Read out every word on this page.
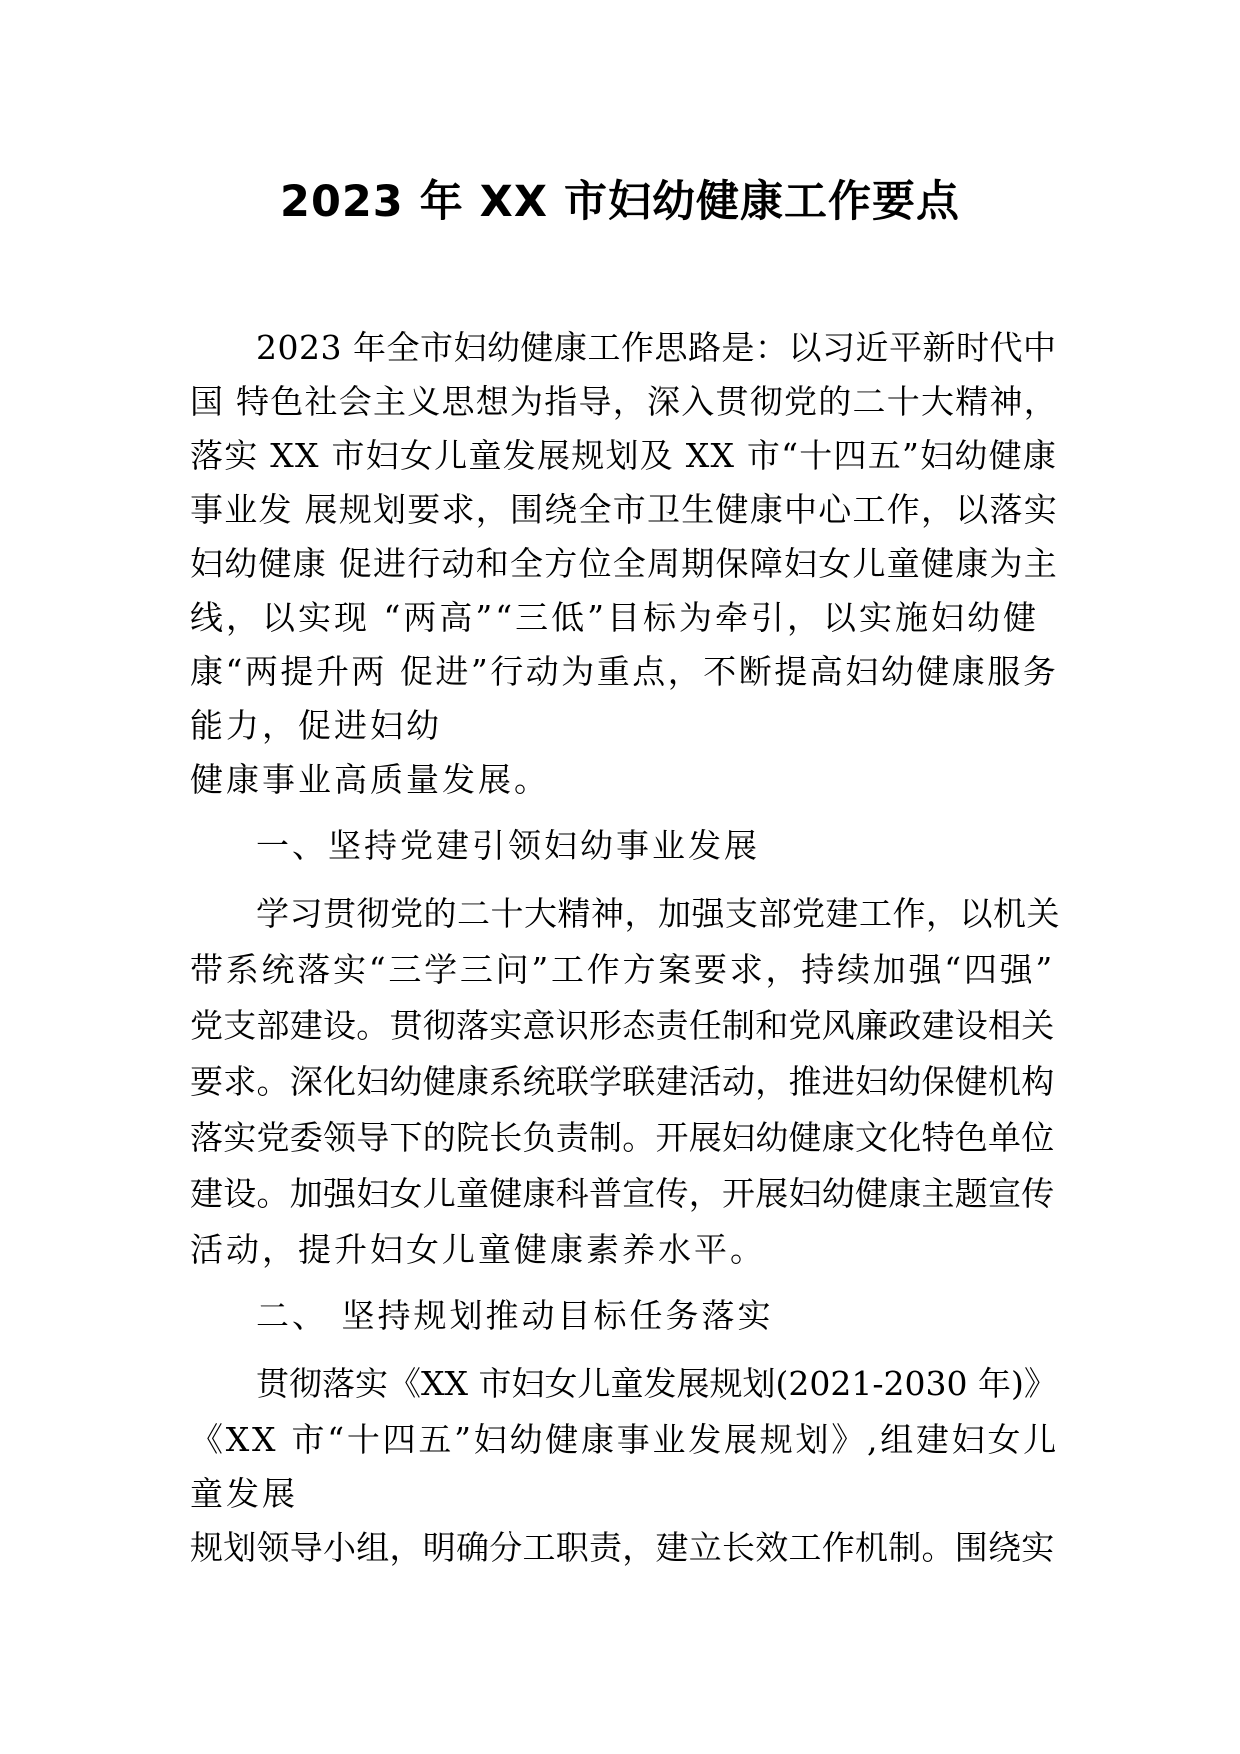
2023 年 XX 市妇幼健康工作要点
2023 年全市妇幼健康工作思路是：以习近平新时代中
国 特色社会主义思想为指导，深入贯彻党的二十大精神，
落实 XX 市妇女儿童发展规划及 XX 市“十四五”妇幼健康
事业发 展规划要求，围绕全市卫生健康中心工作，以落实
妇幼健康 促进行动和全方位全周期保障妇女儿童健康为主
线，以实现 “两高”“三低”目标为牵引，以实施妇幼健
康“两提升两 促进”行动为重点，不断提高妇幼健康服务
能力，促进妇幼
健康事业高质量发展。
一、坚持党建引领妇幼事业发展
学习贯彻党的二十大精神，加强支部党建工作，以机关
带系统落实“三学三问”工作方案要求，持续加强“四强”
党支部建设。贯彻落实意识形态责任制和党风廉政建设相关
要求。深化妇幼健康系统联学联建活动，推进妇幼保健机构
落实党委领导下的院长负责制。开展妇幼健康文化特色单位
建设。加强妇女儿童健康科普宣传，开展妇幼健康主题宣传
活动，提升妇女儿童健康素养水平。
二、 坚持规划推动目标任务落实
贯彻落实《XX 市妇女儿童发展规划(2021-2030 年)》
《XX 市“十四五”妇幼健康事业发展规划》,组建妇女儿
童发展
规划领导小组，明确分工职责，建立长效工作机制。围绕实
